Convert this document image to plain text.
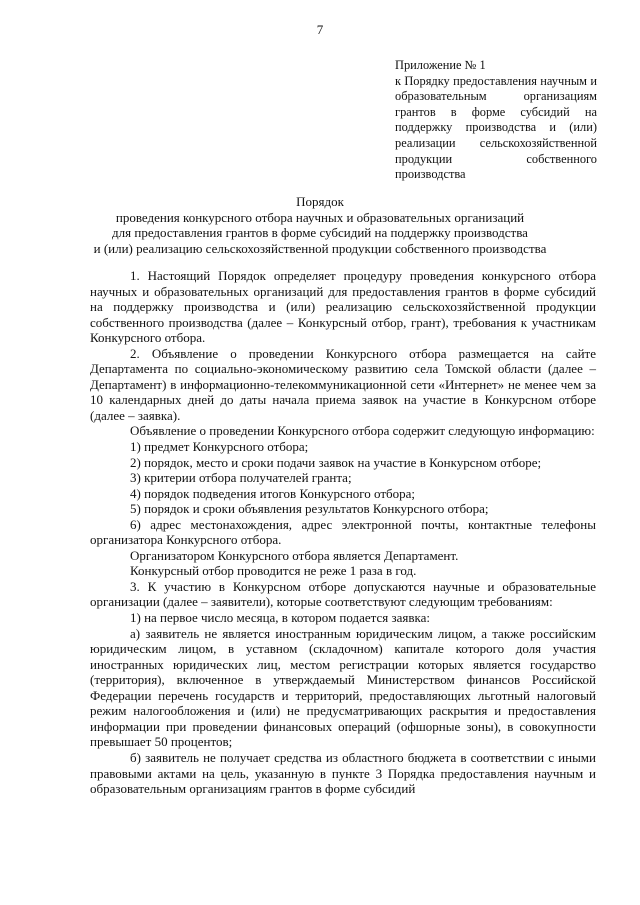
7
Приложение № 1
к Порядку предоставления научным и образовательным организациям грантов в форме субсидий на поддержку производства и (или) реализации сельскохозяйственной продукции собственного производства
Порядок
проведения конкурсного отбора научных и образовательных организаций
для предоставления грантов в форме субсидий на поддержку производства
и (или) реализацию сельскохозяйственной продукции собственного производства

1. Настоящий Порядок определяет процедуру проведения конкурсного отбора научных и образовательных организаций для предоставления грантов в форме субсидий на поддержку производства и (или) реализацию сельскохозяйственной продукции собственного производства (далее – Конкурсный отбор, грант), требования к участникам Конкурсного отбора.

2. Объявление о проведении Конкурсного отбора размещается на сайте Департамента по социально-экономическому развитию села Томской области (далее – Департамент) в информационно-телекоммуникационной сети «Интернет» не менее чем за 10 календарных дней до даты начала приема заявок на участие в Конкурсном отборе (далее – заявка).

Объявление о проведении Конкурсного отбора содержит следующую информацию:

1) предмет Конкурсного отбора;

2) порядок, место и сроки подачи заявок на участие в Конкурсном отборе;

3) критерии отбора получателей гранта;

4) порядок подведения итогов Конкурсного отбора;

5) порядок и сроки объявления результатов Конкурсного отбора;

6) адрес местонахождения, адрес электронной почты, контактные телефоны организатора Конкурсного отбора.

Организатором Конкурсного отбора является Департамент.

Конкурсный отбор проводится не реже 1 раза в год.

3. К участию в Конкурсном отборе допускаются научные и образовательные организации (далее – заявители), которые соответствуют следующим требованиям:

1) на первое число месяца, в котором подается заявка:

а) заявитель не является иностранным юридическим лицом, а также российским юридическим лицом, в уставном (складочном) капитале которого доля участия иностранных юридических лиц, местом регистрации которых является государство (территория), включенное в утверждаемый Министерством финансов Российской Федерации перечень государств и территорий, предоставляющих льготный налоговый режим налогообложения и (или) не предусматривающих раскрытия и предоставления информации при проведении финансовых операций (офшорные зоны), в совокупности превышает 50 процентов;

б) заявитель не получает средства из областного бюджета в соответствии с иными правовыми актами на цель, указанную в пункте 3 Порядка предоставления научным и образовательным организациям грантов в форме субсидий
